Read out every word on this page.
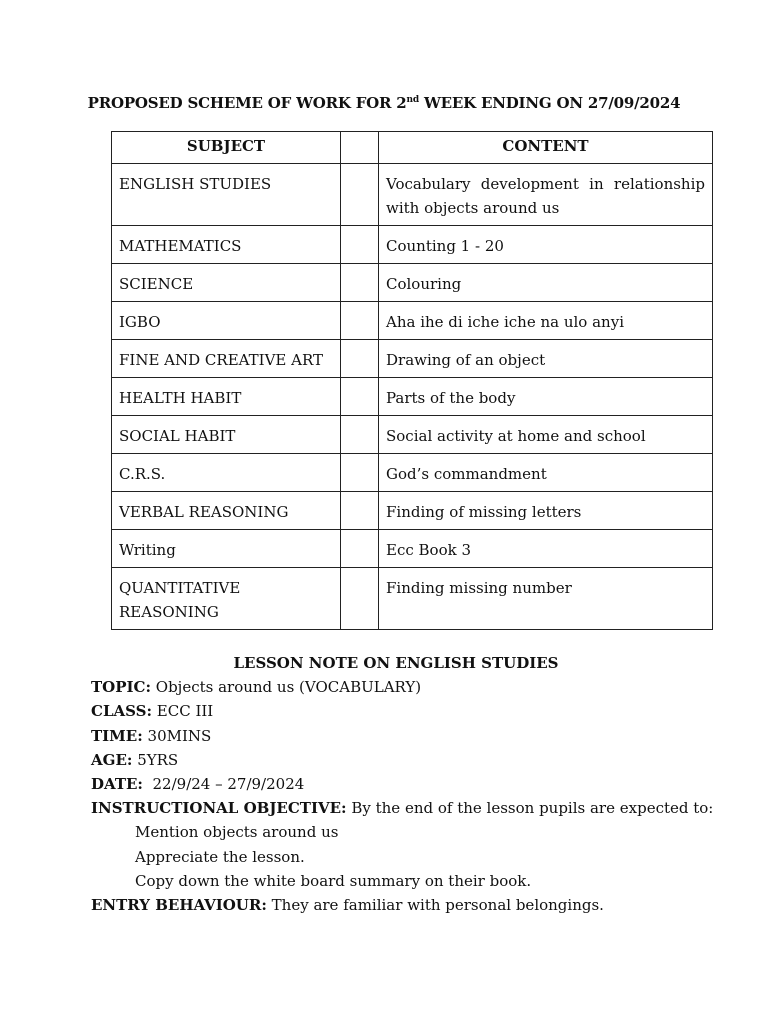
PROPOSED SCHEME OF WORK FOR 2nd WEEK ENDING ON 27/09/2024
SUBJECT		CONTENT
ENGLISH STUDIES		Vocabulary development in relationship with objects around us
MATHEMATICS		Counting 1 - 20
SCIENCE		Colouring
IGBO		Aha ihe di iche iche na ulo anyi
FINE AND CREATIVE ART		Drawing of an object
HEALTH HABIT		Parts of the body
SOCIAL HABIT		Social activity at home and school
C.R.S.		God’s commandment
VERBAL REASONING		Finding of missing letters
Writing		Ecc Book 3
QUANTITATIVE REASONING		Finding missing number
LESSON NOTE ON ENGLISH STUDIES
TOPIC: Objects around us (VOCABULARY)
CLASS: ECC III
TIME: 30MINS
AGE: 5YRS
DATE:  22/9/24 – 27/9/2024
INSTRUCTIONAL OBJECTIVE: By the end of the lesson pupils are expected to:
Mention objects around us
Appreciate the lesson.
Copy down the white board summary on their book.
ENTRY BEHAVIOUR: They are familiar with personal belongings.
